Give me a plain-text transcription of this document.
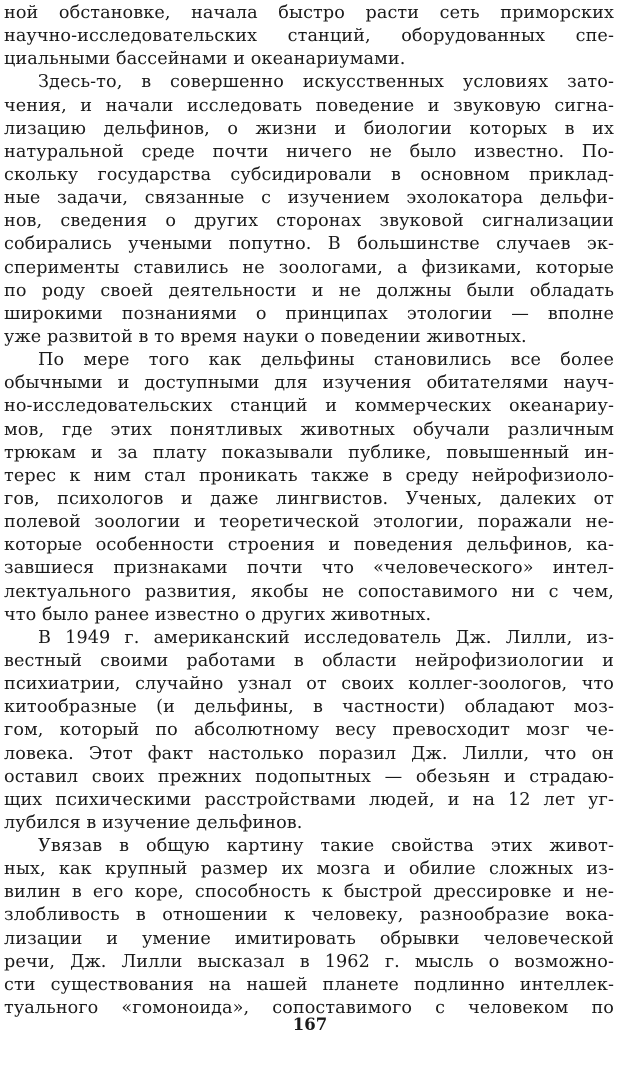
ной обстановке, начала быстро расти сеть приморских
научно-исследовательских станций, оборудованных спе-
циальными бассейнами и океанариумами.
Здесь-то, в совершенно искусственных условиях зато-
чения, и начали исследовать поведение и звуковую сигна-
лизацию дельфинов, о жизни и биологии которых в их
натуральной среде почти ничего не было известно. По-
скольку государства субсидировали в основном приклад-
ные задачи, связанные с изучением эхолокатора дельфи-
нов, сведения о других сторонах звуковой сигнализации
собирались учеными попутно. В большинстве случаев эк-
сперименты ставились не зоологами, а физиками, которые
по роду своей деятельности и не должны были обладать
широкими познаниями о принципах этологии — вполне
уже развитой в то время науки о поведении животных.
По мере того как дельфины становились все более
обычными и доступными для изучения обитателями науч-
но-исследовательских станций и коммерческих океанариу-
мов, где этих понятливых животных обучали различным
трюкам и за плату показывали публике, повышенный ин-
терес к ним стал проникать также в среду нейрофизиоло-
гов, психологов и даже лингвистов. Ученых, далеких от
полевой зоологии и теоретической этологии, поражали не-
которые особенности строения и поведения дельфинов, ка-
завшиеся признаками почти что «человеческого» интел-
лектуального развития, якобы не сопоставимого ни с чем,
что было ранее известно о других животных.
В 1949 г. американский исследователь Дж. Лилли, из-
вестный своими работами в области нейрофизиологии и
психиатрии, случайно узнал от своих коллег-зоологов, что
китообразные (и дельфины, в частности) обладают моз-
гом, который по абсолютному весу превосходит мозг че-
ловека. Этот факт настолько поразил Дж. Лилли, что он
оставил своих прежних подопытных — обезьян и страдаю-
щих психическими расстройствами людей, и на 12 лет уг-
лубился в изучение дельфинов.
Увязав в общую картину такие свойства этих живот-
ных, как крупный размер их мозга и обилие сложных из-
вилин в его коре, способность к быстрой дрессировке и не-
злобливость в отношении к человеку, разнообразие вока-
лизации и умение имитировать обрывки человеческой
речи, Дж. Лилли высказал в 1962 г. мысль о возможно-
сти существования на нашей планете подлинно интеллек-
туального «гомоноида», сопоставимого с человеком по
167
